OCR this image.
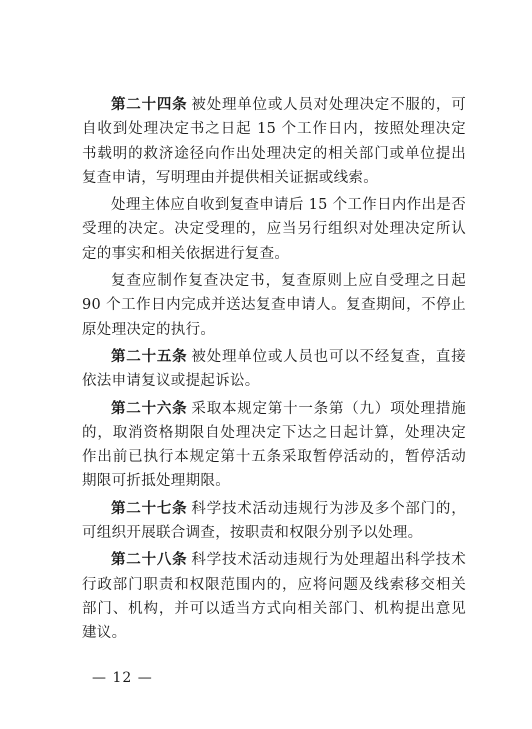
第二十四条 被处理单位或人员对处理决定不服的，可自收到处理决定书之日起 15 个工作日内，按照处理决定书载明的救济途径向作出处理决定的相关部门或单位提出复查申请，写明理由并提供相关证据或线索。

处理主体应自收到复查申请后 15 个工作日内作出是否受理的决定。决定受理的，应当另行组织对处理决定所认定的事实和相关依据进行复查。

复查应制作复查决定书，复查原则上应自受理之日起 90 个工作日内完成并送达复查申请人。复查期间，不停止原处理决定的执行。

第二十五条 被处理单位或人员也可以不经复查，直接依法申请复议或提起诉讼。

第二十六条 采取本规定第十一条第（九）项处理措施的，取消资格期限自处理决定下达之日起计算，处理决定作出前已执行本规定第十五条采取暂停活动的，暂停活动期限可折抵处理期限。

第二十七条 科学技术活动违规行为涉及多个部门的，可组织开展联合调查，按职责和权限分别予以处理。

第二十八条 科学技术活动违规行为处理超出科学技术行政部门职责和权限范围内的，应将问题及线索移交相关部门、机构，并可以适当方式向相关部门、机构提出意见建议。

— 12 —
